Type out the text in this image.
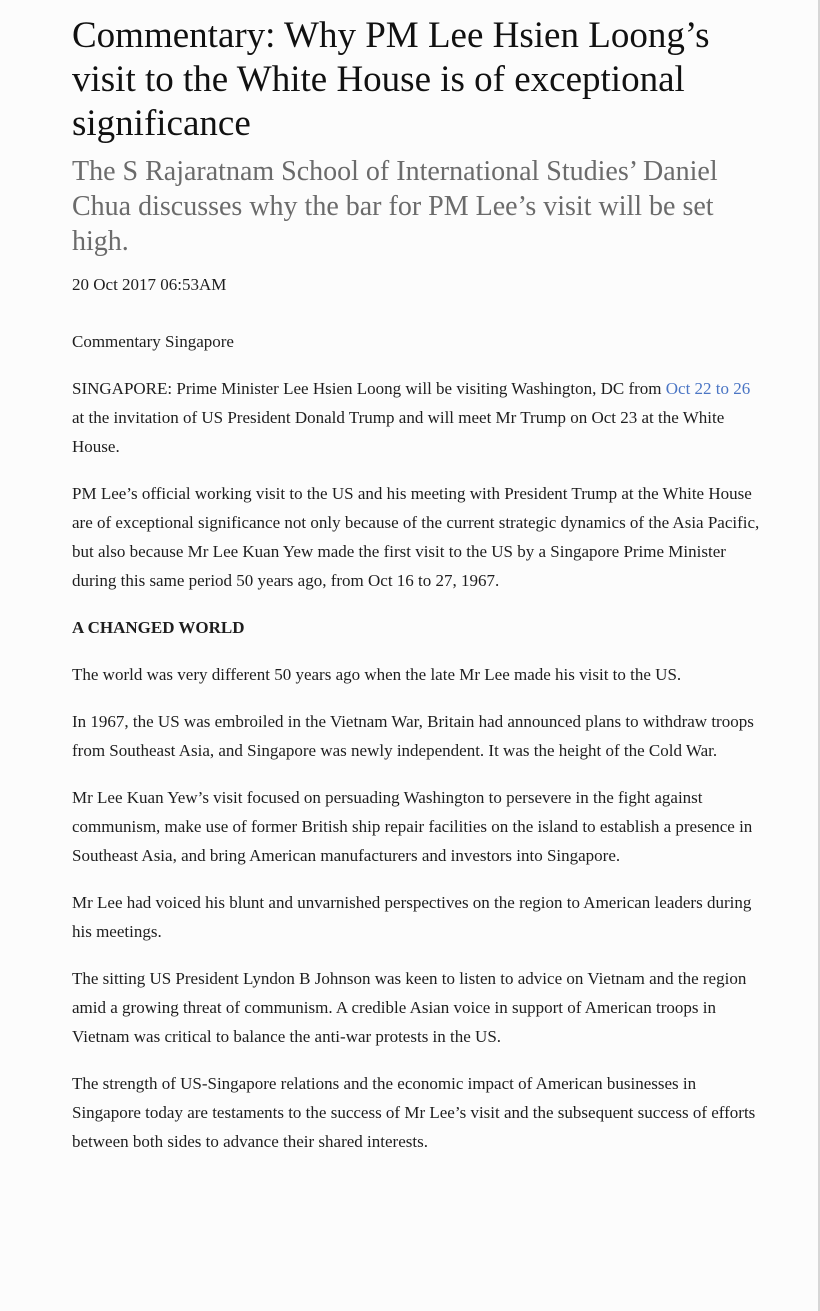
Commentary: Why PM Lee Hsien Loong’s visit to the White House is of exceptional significance
The S Rajaratnam School of International Studies’ Daniel Chua discusses why the bar for PM Lee’s visit will be set high.
20 Oct 2017 06:53AM
Commentary Singapore

SINGAPORE: Prime Minister Lee Hsien Loong will be visiting Washington, DC from Oct 22 to 26 at the invitation of US President Donald Trump and will meet Mr Trump on Oct 23 at the White House.

PM Lee’s official working visit to the US and his meeting with President Trump at the White House are of exceptional significance not only because of the current strategic dynamics of the Asia Pacific, but also because Mr Lee Kuan Yew made the first visit to the US by a Singapore Prime Minister during this same period 50 years ago, from Oct 16 to 27, 1967.

A CHANGED WORLD

The world was very different 50 years ago when the late Mr Lee made his visit to the US.

In 1967, the US was embroiled in the Vietnam War, Britain had announced plans to withdraw troops from Southeast Asia, and Singapore was newly independent. It was the height of the Cold War.

Mr Lee Kuan Yew’s visit focused on persuading Washington to persevere in the fight against communism, make use of former British ship repair facilities on the island to establish a presence in Southeast Asia, and bring American manufacturers and investors into Singapore.

Mr Lee had voiced his blunt and unvarnished perspectives on the region to American leaders during his meetings.

The sitting US President Lyndon B Johnson was keen to listen to advice on Vietnam and the region amid a growing threat of communism. A credible Asian voice in support of American troops in Vietnam was critical to balance the anti-war protests in the US.

The strength of US-Singapore relations and the economic impact of American businesses in Singapore today are testaments to the success of Mr Lee’s visit and the subsequent success of efforts between both sides to advance their shared interests.
